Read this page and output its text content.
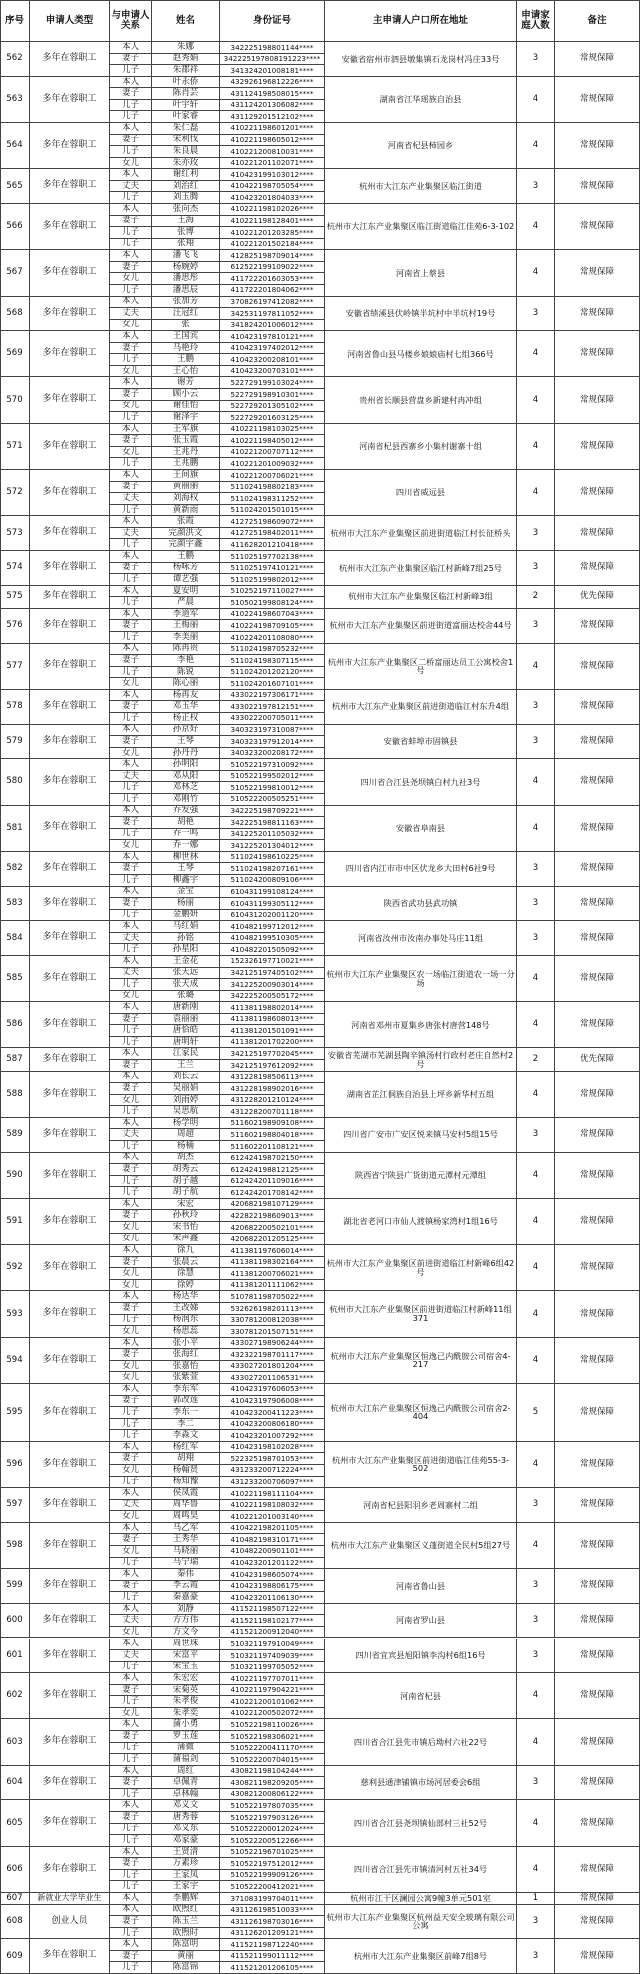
序号	申请人类型	与申请人关系	姓名	身份证号	主申请人户口所在地址	申请家庭人数	备注
562	多年在蓉职工
本人	朱娜	342225198801144****
妻子	赵秀娟	342225197808191223****
儿子	朱郡祥	341324201008181****
安徽省宿州市泗县墩集镇石龙岗村冯庄33号	3	常规保障
563	多年在蓉职工
本人	叶永侨	432926196812226****
妻子	陈肖芸	431124198508015****
儿子	叶宇轩	431124201306082****
儿子	叶家睿	431129201512102****
湖南省江华瑶族自治县	4	常规保障
564	多年在蓉职工
本人	朱仁磊	410221198601201****
妻子	宋利伐	410221198605012****
儿子	朱良晨	410221200810031****
女儿	朱亦玫	410221201102071****
河南省杞县柿园乡	4	常规保障
565	多年在蓉职工
本人	谢红利	410423199103012****
丈夫	刘治红	410422198705054****
儿子	刘玉腾	410423201804033****
杭州市大江东产业集聚区临江街道	3	常规保障
566	多年在蓉职工
本人	张向杰	410221198102026****
妻子	王海	410221198128401****
儿子	张博	410221201203285****
儿子	张翔	410221201502184****
杭州市大江东产业集聚区临江街道临江佳苑6-3-102	4	常规保障
567	多年在蓉职工
本人	潘飞飞	412825198709014****
妻子	杨婉婷	612522199109022****
女儿	潘思彤	411722201603053****
儿子	潘思辰	411722201804062****
河南省上蔡县	4	常规保障
568	多年在蓉职工
本人	张加芳	370826197412082****
丈夫	汪冠红	342531197811052****
女儿	张	341824201006012****
安徽省绩溪县伏岭镇半坑村中半坑村19号	3	常规保障
569	多年在蓉职工
本人	王国宾	410423197810121****
妻子	马艳玲	410423197402012****
儿子	王鹏	410423200208101****
女儿	王心怡	410423200703101****
河南省鲁山县马楼乡娘娘庙村七组366号	4	常规保障
570	多年在蓉职工
本人	谢芳	522729199103024****
妻子	顾小云	522729198910301****
女儿	谢佳怡	522729201305102****
儿子	谢泽宇	522729201603125****
贵州省长顺县营盘乡新建村冉冲组	4	常规保障
571	多年在蓉职工
本人	王军旗	410221198103025****
妻子	张玉霞	410221198405012****
女儿	王兆丹	410221200707112****
儿子	王兆鹏	410221201009032****
河南省杞县西寨乡小集村谢寨十组	4	常规保障
572	多年在蓉职工
本人	王间旗	410221200706021****
妻子	黄丽丽	511024198802183****
丈夫	刘海权	511024198311252****
儿子	黄新雨	511024201501015****
四川省威远县	4	常规保障
573	多年在蓉职工
本人	张霞	412725198609072****
丈夫	完颜洪文	412725198402011****
儿子	完颜宇鑫	411628201210418****
杭州市大江东产业集聚区前进街道临江村长征桥头	3	常规保障
574	多年在蓉职工
本人	王鹏	511025197702138****
妻子	杨咏芳	511025197410121****
儿子	谭艺强	511025199802012****
杭州市大江东产业集聚区临江村新峰7组25号	3	常规保障
575	多年在蓉职工
本人	夏安明	510252197110027****
儿子	严晨	510502199808124****
杭州市大江东产业集聚区临江村新峰3组	2	优先保障
576	多年在蓉职工
本人	李道军	410224198607043****
妻子	王梅丽	410224198709105****
儿子	李美丽	410224201108080****
杭州市大江东产业集聚区前进街道富丽达校舍44号	3	常规保障
577	多年在蓉职工
本人	陈再贵	511024198705232****
妻子	李艳	511024198307115****
儿子	陈锐	511024201202120****
女儿	陈心丽	511024201607101****
杭州市大江东产业集聚区二桥富丽达员工公寓校舍1号	4	常规保障
578	多年在蓉职工
本人	杨再友	433022197306171****
妻子	邓玉华	433022197812151****
儿子	杨正权	433022200705011****
杭州市大江东产业集聚区前进街道临江村东升4组	3	常规保障
579	多年在蓉职工
本人	孙京好	340323197310087****
妻子	王琴	340323197912014****
女儿	孙丹丹	340323200208172****
安徽省蚌埠市固镇县	3	常规保障
580	多年在蓉职工
本人	孙明阳	510522197310092****
丈夫	邓从阳	510522199502012****
儿子	邓林芝	510522199810012****
儿子	邓刚竹	510522200505251****
四川省合江县尧坝镇白村九社3号	4	常规保障
581	多年在蓉职工
本人	乔发强	342225198709221****
妻子	胡艳	342225198811163****
儿子	乔一鸣	341225201105032****
女儿	乔一娜	341225201304012****
安徽省阜南县	4	常规保障
582	多年在蓉职工
本人	柳世林	511024198610225****
妻子	王琴	511024198207161****
儿子	柳鑫宇	511024200809106****
四川省内江市市中区伏龙乡大田村6社9号	3	常规保障
583	多年在蓉职工
本人	金宝	610431199108124****
妻子	杨丽	610431199305112****
儿子	金鹏妍	610431202001120****
陕西省武功县武功镇	3	常规保障
584	多年在蓉职工
本人	马红娟	410482199712012****
丈夫	孙铭	410482199510305****
儿子	孙星阳	410482201505092****
河南省汝州市汝南办事处马庄11组	3	常规保障
585	多年在蓉职工
本人	王金花	152326197710021****
丈夫	张天远	342125197405102****
儿子	张天成	341225200903014****
女儿	张璐	342225200505172****
杭州市大江东产业集聚区农一场临江街道农一场一分场	4	常规保障
586	多年在蓉职工
本人	唐新刚	411381198802014****
妻子	袁丽丽	411381198608013****
儿子	唐恰皓	411381201501091****
儿子	唐明轩	411381201702200****
河南省邓州市夏集乡唐张村唐营148号	4	常规保障
587	多年在蓉职工
本人	江家民	342125197702045****
妻子	王兰	342125197612092****
安徽省芜湖市芜湖县陶辛镇汤村行政村老庄自然村2号	2	优先保障
588	多年在蓉职工
本人	刘长云	431228198506113****
妻子	吴丽娟	431228198902016****
女儿	刘雨婷	431228201210124****
儿子	吴思航	431228200701118****
湖南省芷江侗族自治县上坪乡新华村五组	4	常规保障
589	多年在蓉职工
本人	杨学明	511602198909108****
丈夫	周超	511602198804018****
儿子	杨楠	511602201108121****
四川省广安市广安区悦来镇马安村5组15号	3	常规保障
590	多年在蓉职工
本人	胡杰	612424198702150****
妻子	胡秀云	612424198812125****
儿子	胡子越	612424201109016****
儿子	胡子航	612424201708142****
陕西省宁陕县广货街道元潭村元潭组	4	常规保障
591	多年在蓉职工
本人	宋宏	420682198107129****
妻子	孙秋玲	422822198609013****
女儿	宋书怡	420682200502101****
女儿	宋声鑫	420682201205125****
湖北省老河口市仙人渡镇杨家湾村1组16号	4	常规保障
592	多年在蓉职工
本人	徐九	411381197606014****
妻子	张晨云	411381198302164****
女儿	徐慧	411381200706021****
女儿	徐婷	411381201111062****
杭州市大江东产业集聚区前进街道临江村新峰6组42号	4	常规保障
593	多年在蓉职工
本人	杨达华	510781198705022****
妻子	王改娣	532626198201113****
儿子	杨润东	330781200812038****
女儿	杨思蕊	330781201507151****
杭州市大江东产业集聚区前进街道临江村新峰11组371	4	常规保障
594	多年在蓉职工
本人	张小平	433027198906244****
妻子	张海红	432322198701117****
女儿	张嘉怡	433027201801204****
女儿	张紫萱	433027201106531****
杭州市大江东产业集聚区恒逸己内酰胺公司宿舍4-217	4	常规保障
595	多年在蓉职工
本人	李东军	410423197606053****
妻子	郭改莲	410423197906008****
儿子	李东一	410423200411223****
儿子	李二	410423200806180****
儿子	李淼文	410423201007292****
杭州市大江东产业集聚区恒逸己内酰胺公司宿舍2-404	5	常规保障
596	多年在蓉职工
本人	杨红军	410423198102028****
妻子	胡翔	522325198701053****
女儿	杨翰贤	431233200712224****
儿子	杨知豫	431233200706097****
杭州市大江东产业集聚区前进街道临江佳苑55-3-502	4	常规保障
597	多年在蓉职工
本人	侯凤霞	410221198111104****
丈夫	周华鲁	410221198108032****
女儿	周鸣昊	410221201003140****
河南省杞县阳羽乡老周寨村二组	3	常规保障
598	多年在蓉职工
本人	马乙军	410422198201105****
妻子	王秀华	410482198310171****
女儿	马晓丽	410482200901101****
儿子	马宁瑞	410423201201122****
杭州市大江东产业集聚区义蓬街道全民村5组27号	4	常规保障
599	多年在蓉职工
本人	秦伟	410423198605074****
妻子	李云霞	410423198806175****
儿子	秦嘉豪	410423201106130****
河南省鲁山县	3	常规保障
600	多年在蓉职工
本人	刘静	411521198507122****
丈夫	方方伟	411521198102177****
女儿	方文今	411521200912040****
河南省罗山县	3	常规保障
601	多年在蓉职工
本人	周世珠	510321197910049****
丈夫	宋富平	510321197409039****
儿子	宋宝玉	510321199705052****
四川省宜宾县旭阳镇李沟村6组16号	3	常规保障
602	多年在蓉职工
本人	朱宏宏	410221197707011****
妻子	宋菊英	410221197904221****
儿子	朱孝俊	410221200101062****
女儿	朱孝奕	410221200502072****
河南省杞县	4	常规保障
603	多年在蓉职工
本人	蒲小勇	510522198110026****
妻子	罗玉莲	510522198306021****
儿子	蒲微	510522200411170****
儿子	蒲福剑	510522200704015****
四川省合江县先市镇后坳村六社22号	4	常规保障
604	多年在蓉职工
本人	周红	430821198104244****
妻子	卓佩青	430821198209205****
儿子	卓林翰	430821200806122****
慈利县通津铺镇市场河居委会6组	3	常规保障
605	多年在蓉职工
本人	邓义文	510522197807035****
妻子	唐秀蓉	510522197903126****
儿子	邓义东	510522200012024****
儿子	邓家豪	510522200512266****
四川省合江县尧坝镇仙部村三社52号	4	常规保障
606	多年在蓉职工
本人	王贤清	510522196701025****
妻子	万素珍	510522197512012****
儿子	王家凤	510522199909126****
儿子	王家宇	510522200412021****
四川省合江县先市镇清河村五社34号	4	常规保障
607	新就业大学毕业生	本人	李鹏辉	371083199704011****	杭州市江干区澜园公寓9幢3单元501室	1	常规保障
608	创业人员
本人	欧煦红	431126198510033****
妻子	陈玉兰	431126198703016****
儿子	欧煦时	431126201209121****
杭州市大江东产业集聚区杭州益天安全玻璃有限公司公寓	3	常规保障
609	多年在蓉职工
本人	陈富明	411521198712240****
妻子	黄丽	411521199011112****
儿子	陈富锦	411521201206105****
杭州市大江东产业集聚区前峰7组8号	3	常规保障
